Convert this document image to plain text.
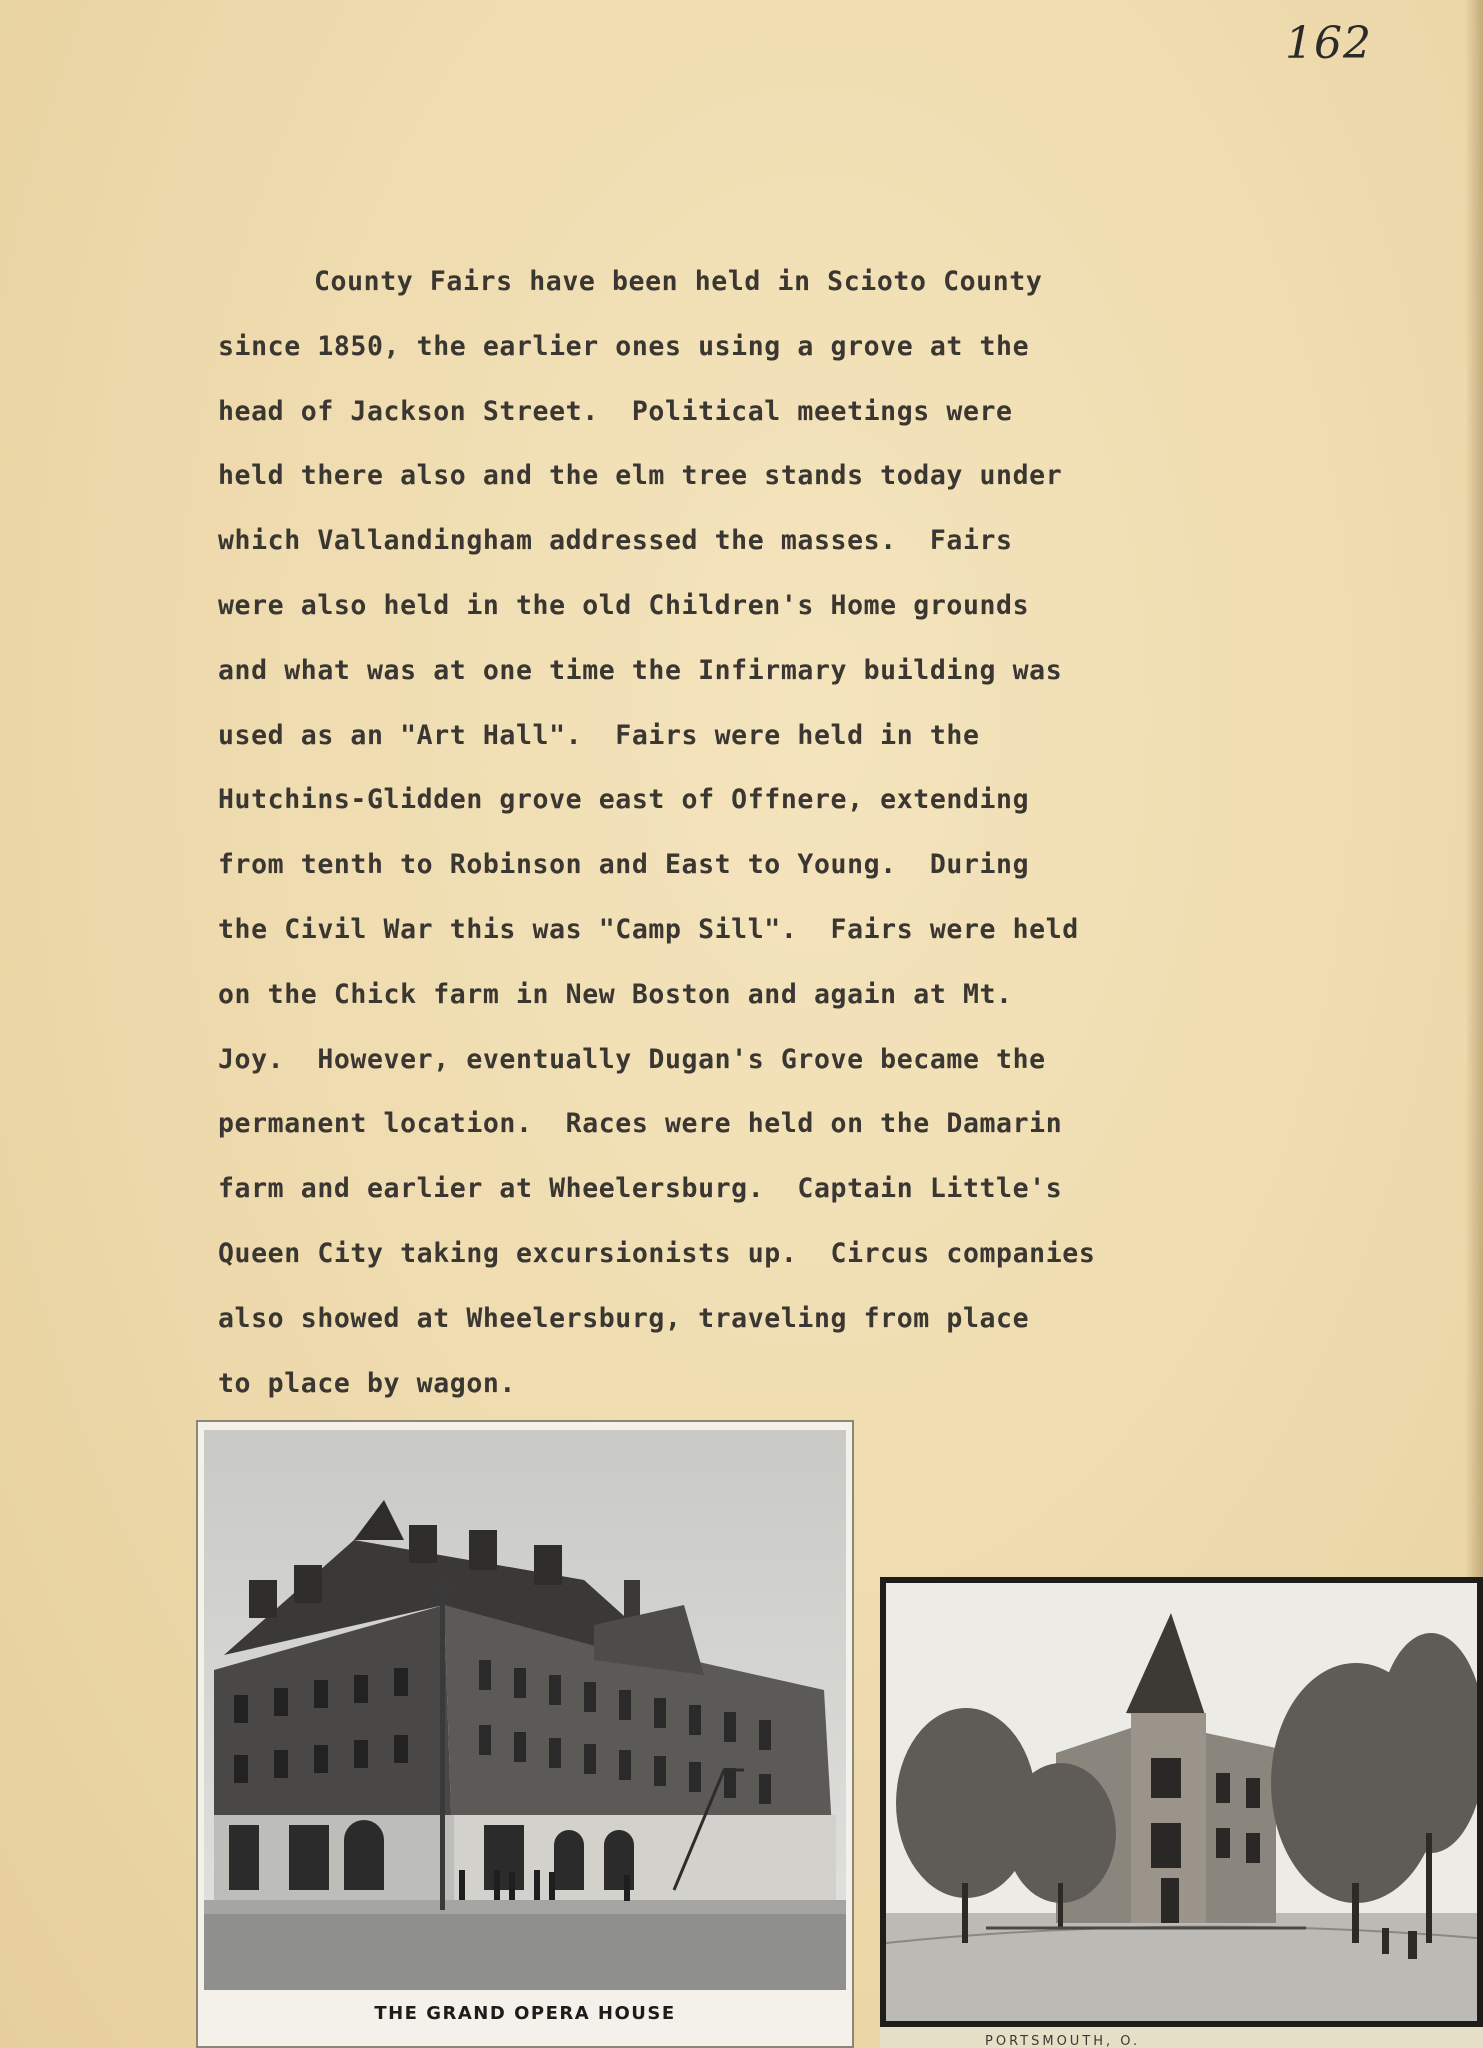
162
County Fairs have been held in Scioto County
since 1850, the earlier ones using a grove at the
head of Jackson Street.  Political meetings were
held there also and the elm tree stands today under
which Vallandingham addressed the masses.  Fairs
were also held in the old Children's Home grounds
and what was at one time the Infirmary building was
used as an "Art Hall".  Fairs were held in the
Hutchins-Glidden grove east of Offnere, extending
from tenth to Robinson and East to Young.  During
the Civil War this was "Camp Sill".  Fairs were held
on the Chick farm in New Boston and again at Mt.
Joy.  However, eventually Dugan's Grove became the
permanent location.  Races were held on the Damarin
farm and earlier at Wheelersburg.  Captain Little's
Queen City taking excursionists up.  Circus companies
also showed at Wheelersburg, traveling from place
to place by wagon.
THE GRAND OPERA HOUSE
PORTSMOUTH, O.
